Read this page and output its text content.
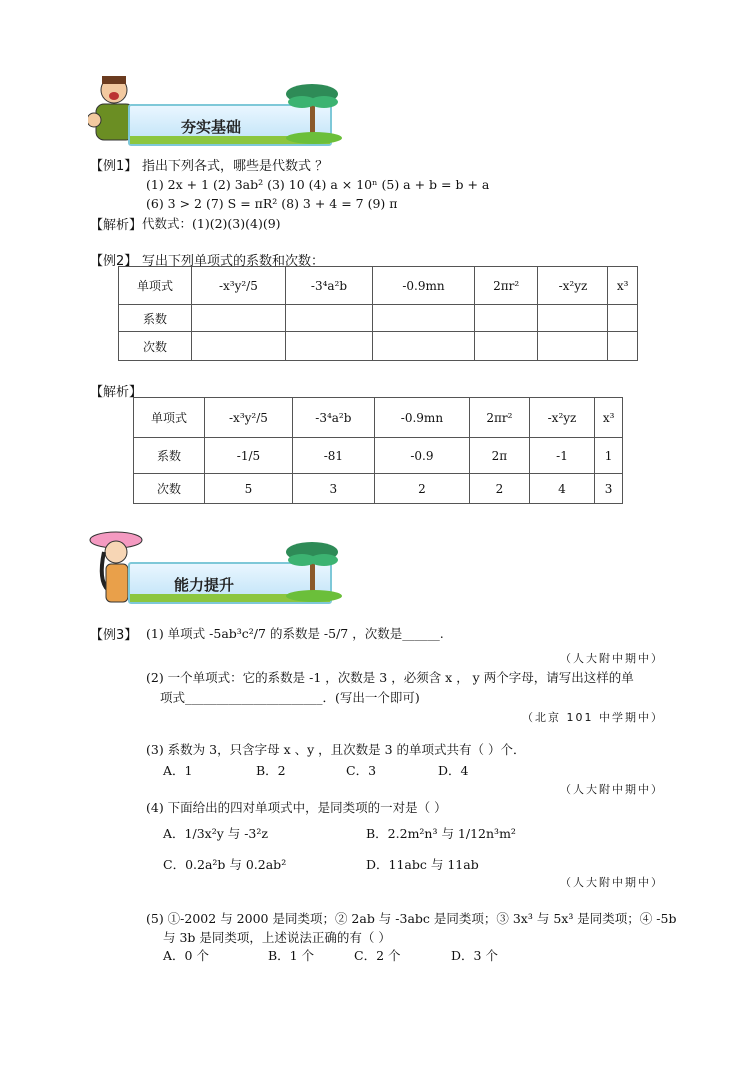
夯实基础
【例1】 指出下列各式，哪些是代数式 ？
(1) 2x + 1 (2) 3ab² (3) 10 (4) a × 10ⁿ (5) a + b = b + a
(6) 3 > 2 (7) S = πR² (8) 3 + 4 = 7 (9) π
【解析】 代数式：(1)(2)(3)(4)(9)
【例2】 写出下列单项式的系数和次数：
单项式	-x³y²/5	-3⁴a²b	-0.9mn	2πr²	-x²yz	x³
系数						
次数						
【解析】
单项式	-x³y²/5	-3⁴a²b	-0.9mn	2πr²	-x²yz	x³
系数	-1/5	-81	-0.9	2π	-1	1
次数	5	3	2	2	4	3
能力提升
【例3】 (1) 单项式 -5ab³c²/7 的系数是 -5/7 ，次数是______.
（人大附中期中）
(2) 一个单项式：它的系数是 -1 ，次数是 3 ，必须含 x ， y 两个字母，请写出这样的单
项式______________________．(写出一个即可)
（北京 101 中学期中）
(3) 系数为 3，只含字母 x 、y ，且次数是 3 的单项式共有（ ）个．
A．1	B．2	C．3	D．4
（人大附中期中）
(4) 下面给出的四对单项式中，是同类项的一对是（ ）
A．1/3x²y 与 -3²z	B．2.2m²n³ 与 1/12n³m²
C．0.2a²b 与 0.2ab²	D．11abc 与 11ab
（人大附中期中）
(5) ①-2002 与 2000 是同类项；② 2ab 与 -3abc 是同类项；③ 3x³ 与 5x³ 是同类项；④ -5b
与 3b 是同类项，上述说法正确的有（ ）
A．0 个	B．1 个	C．2 个	D．3 个
